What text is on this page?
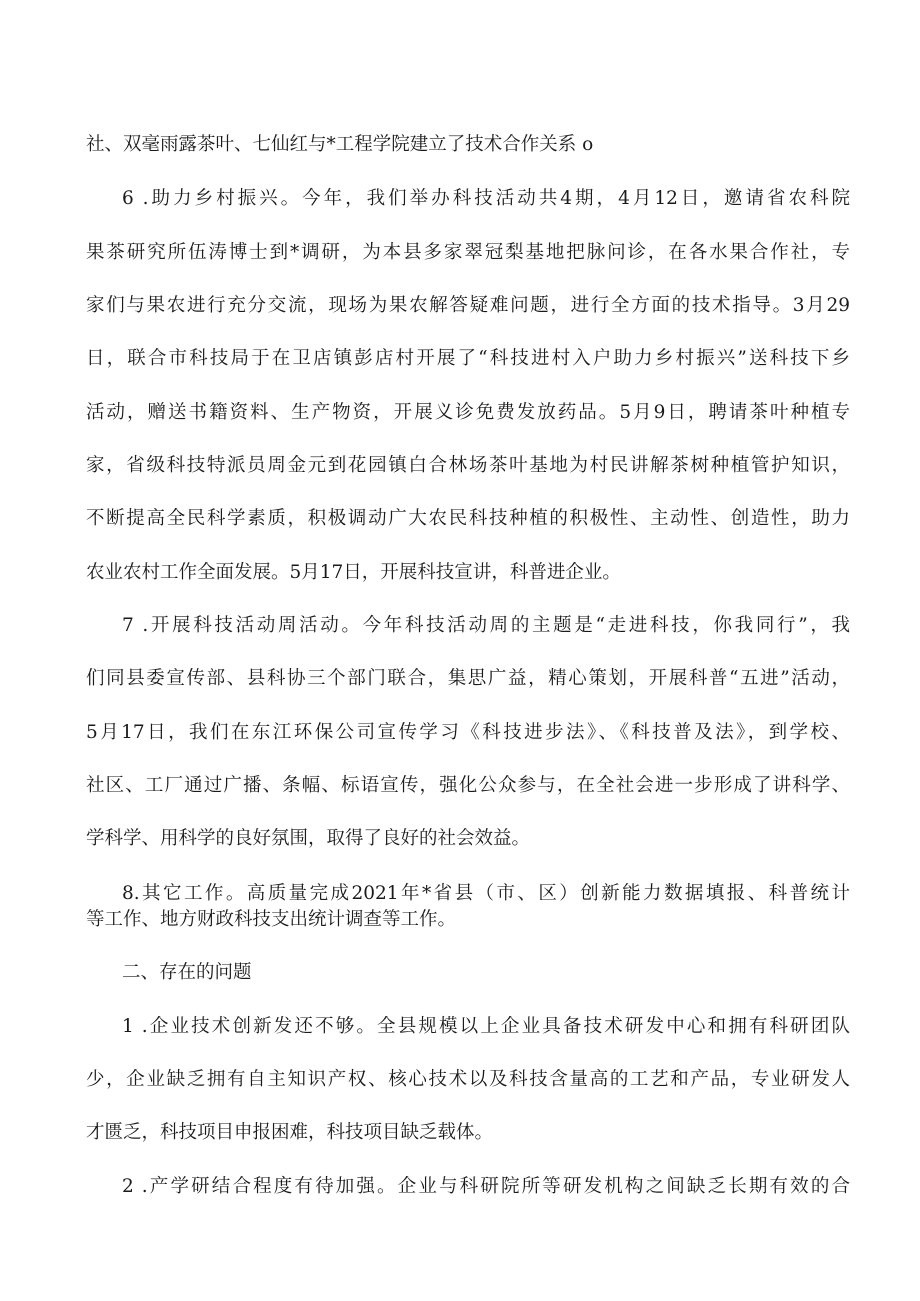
社、双毫雨露茶叶、七仙红与*工程学院建立了技术合作关系 o
6 .助力乡村振兴。今年，我们举办科技活动共4期，4月12日，邀请省农科院
果茶研究所伍涛博士到*调研，为本县多家翠冠梨基地把脉问诊，在各水果合作社，专
家们与果农进行充分交流，现场为果农解答疑难问题，进行全方面的技术指导。3月29
日，联合市科技局于在卫店镇彭店村开展了“科技进村入户助力乡村振兴”送科技下乡
活动，赠送书籍资料、生产物资，开展义诊免费发放药品。5月9日，聘请茶叶种植专
家，省级科技特派员周金元到花园镇白合林场茶叶基地为村民讲解茶树种植管护知识，
不断提高全民科学素质，积极调动广大农民科技种植的积极性、主动性、创造性，助力
农业农村工作全面发展。5月17日，开展科技宣讲，科普进企业。
7 .开展科技活动周活动。今年科技活动周的主题是“走进科技，你我同行”，我
们同县委宣传部、县科协三个部门联合，集思广益，精心策划，开展科普“五进”活动，
5月17日，我们在东江环保公司宣传学习《科技进步法》、《科技普及法》，到学校、
社区、工厂通过广播、条幅、标语宣传，强化公众参与，在全社会进一步形成了讲科学、
学科学、用科学的良好氛围，取得了良好的社会效益。
8.其它工作。高质量完成2021年*省县（市、区）创新能力数据填报、科普统计
等工作、地方财政科技支出统计调查等工作。
二、存在的问题
1 .企业技术创新发还不够。全县规模以上企业具备技术研发中心和拥有科研团队
少，企业缺乏拥有自主知识产权、核心技术以及科技含量高的工艺和产品，专业研发人
才匮乏，科技项目申报困难，科技项目缺乏载体。
2 .产学研结合程度有待加强。企业与科研院所等研发机构之间缺乏长期有效的合
